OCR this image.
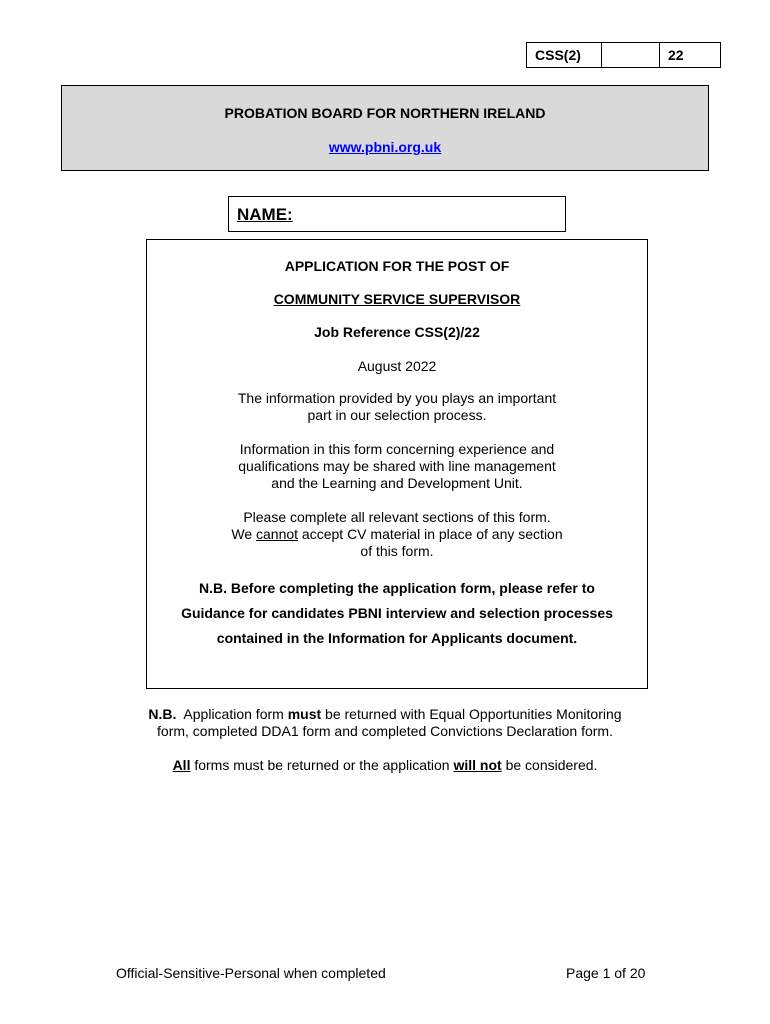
CSS(2)	22
PROBATION BOARD FOR NORTHERN IRELAND
www.pbni.org.uk
NAME:

APPLICATION FOR THE POST OF

COMMUNITY SERVICE SUPERVISOR

Job Reference CSS(2)/22

August 2022

The information provided by you plays an important
part in our selection process.
Information in this form concerning experience and
qualifications may be shared with line management
and the Learning and Development Unit.
Please complete all relevant sections of this form.
We cannot accept CV material in place of any section
of this form.
N.B. Before completing the application form, please refer to
Guidance for candidates PBNI interview and selection processes
contained in the Information for Applicants document.
N.B.  Application form must be returned with Equal Opportunities Monitoring
form, completed DDA1 form and completed Convictions Declaration form.
All forms must be returned or the application will not be considered.
Official-Sensitive-Personal when completed	Page 1 of 20
